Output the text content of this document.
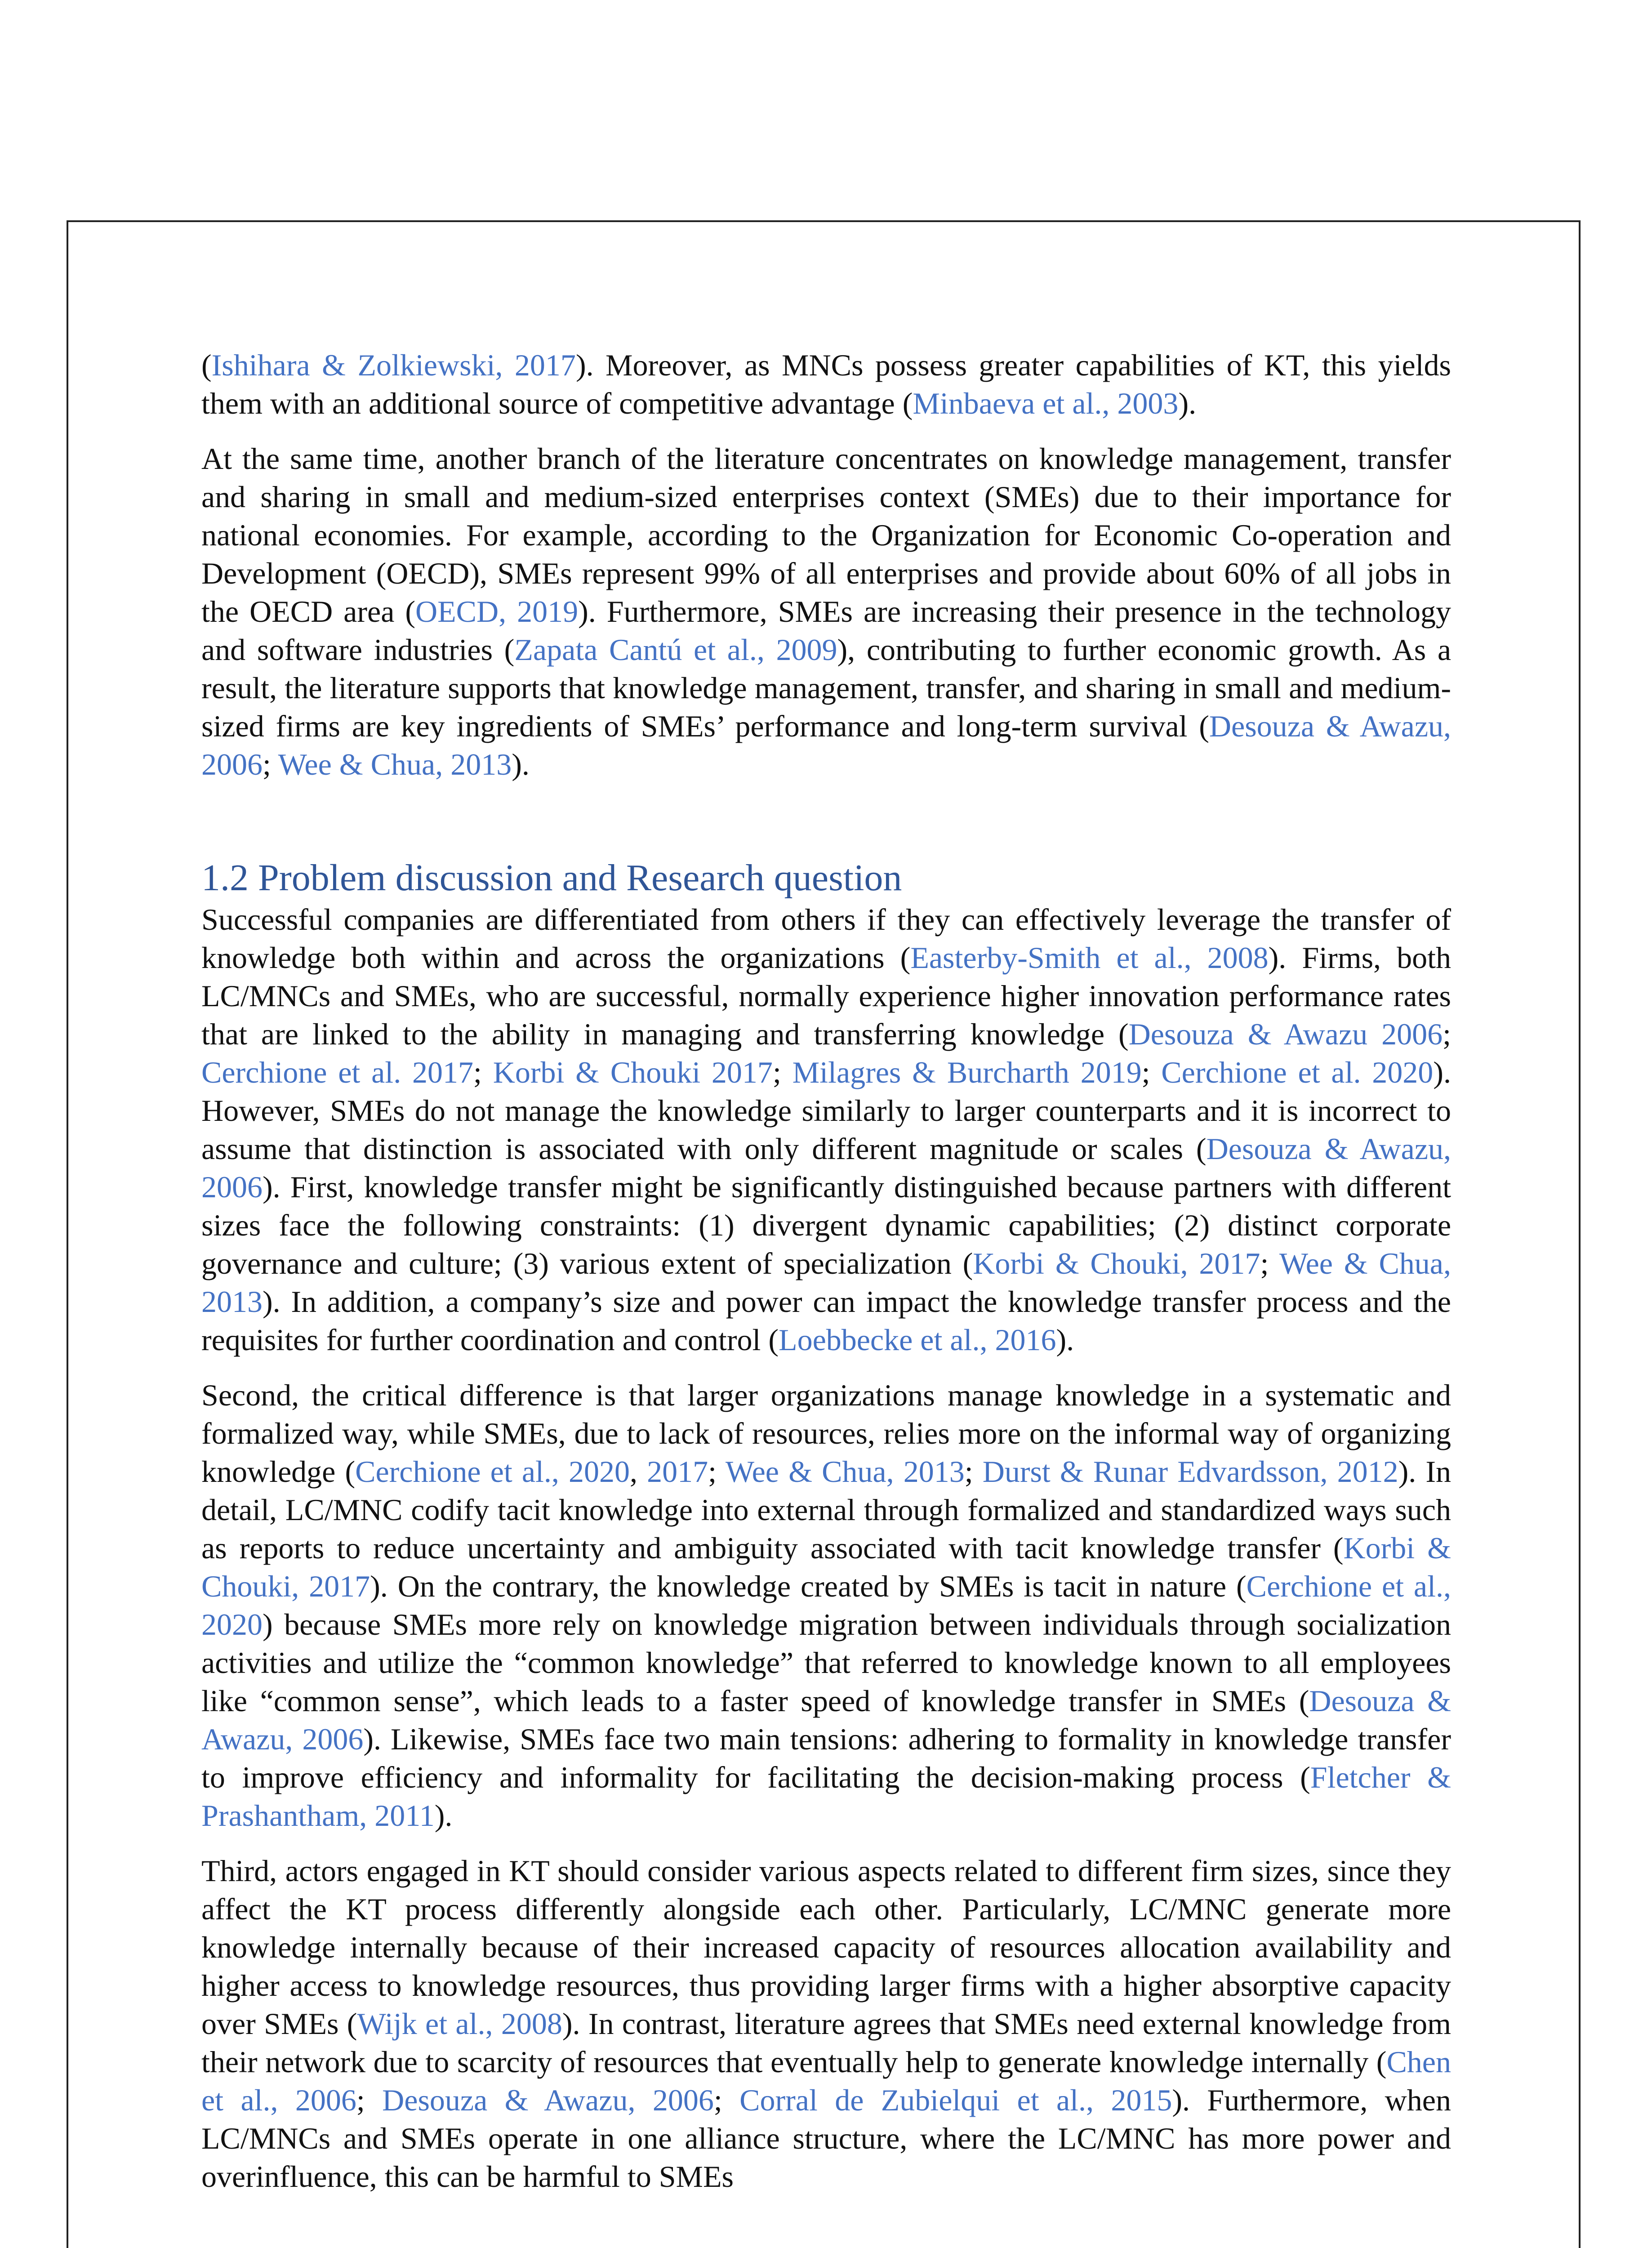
(Ishihara & Zolkiewski, 2017). Moreover, as MNCs possess greater capabilities of KT, this yields them with an additional source of competitive advantage (Minbaeva et al., 2003).

At the same time, another branch of the literature concentrates on knowledge management, transfer and sharing in small and medium-sized enterprises context (SMEs) due to their importance for national economies. For example, according to the Organization for Economic Co-operation and Development (OECD), SMEs represent 99% of all enterprises and provide about 60% of all jobs in the OECD area (OECD, 2019). Furthermore, SMEs are increasing their presence in the technology and software industries (Zapata Cantú et al., 2009), contributing to further economic growth. As a result, the literature supports that knowledge management, transfer, and sharing in small and medium-sized firms are key ingredients of SMEs’ performance and long-term survival (Desouza & Awazu, 2006; Wee & Chua, 2013).

1.2 Problem discussion and Research question

Successful companies are differentiated from others if they can effectively leverage the transfer of knowledge both within and across the organizations (Easterby-Smith et al., 2008). Firms, both LC/MNCs and SMEs, who are successful, normally experience higher innovation performance rates that are linked to the ability in managing and transferring knowledge (Desouza & Awazu 2006; Cerchione et al. 2017; Korbi & Chouki 2017; Milagres & Burcharth 2019; Cerchione et al. 2020). However, SMEs do not manage the knowledge similarly to larger counterparts and it is incorrect to assume that distinction is associated with only different magnitude or scales (Desouza & Awazu, 2006). First, knowledge transfer might be significantly distinguished because partners with different sizes face the following constraints: (1) divergent dynamic capabilities; (2) distinct corporate governance and culture; (3) various extent of specialization (Korbi & Chouki, 2017; Wee & Chua, 2013). In addition, a company’s size and power can impact the knowledge transfer process and the requisites for further coordination and control (Loebbecke et al., 2016).

Second, the critical difference is that larger organizations manage knowledge in a systematic and formalized way, while SMEs, due to lack of resources, relies more on the informal way of organizing knowledge (Cerchione et al., 2020, 2017; Wee & Chua, 2013; Durst & Runar Edvardsson, 2012). In detail, LC/MNC codify tacit knowledge into external through formalized and standardized ways such as reports to reduce uncertainty and ambiguity associated with tacit knowledge transfer (Korbi & Chouki, 2017). On the contrary, the knowledge created by SMEs is tacit in nature (Cerchione et al., 2020) because SMEs more rely on knowledge migration between individuals through socialization activities and utilize the “common knowledge” that referred to knowledge known to all employees like “common sense”, which leads to a faster speed of knowledge transfer in SMEs (Desouza & Awazu, 2006). Likewise, SMEs face two main tensions: adhering to formality in knowledge transfer to improve efficiency and informality for facilitating the decision-making process (Fletcher & Prashantham, 2011).

Third, actors engaged in KT should consider various aspects related to different firm sizes, since they affect the KT process differently alongside each other. Particularly, LC/MNC generate more knowledge internally because of their increased capacity of resources allocation availability and higher access to knowledge resources, thus providing larger firms with a higher absorptive capacity over SMEs (Wijk et al., 2008). In contrast, literature agrees that SMEs need external knowledge from their network due to scarcity of resources that eventually help to generate knowledge internally (Chen et al., 2006; Desouza & Awazu, 2006; Corral de Zubielqui et al., 2015). Furthermore, when LC/MNCs and SMEs operate in one alliance structure, where the LC/MNC has more power and overinfluence, this can be harmful to SMEs
